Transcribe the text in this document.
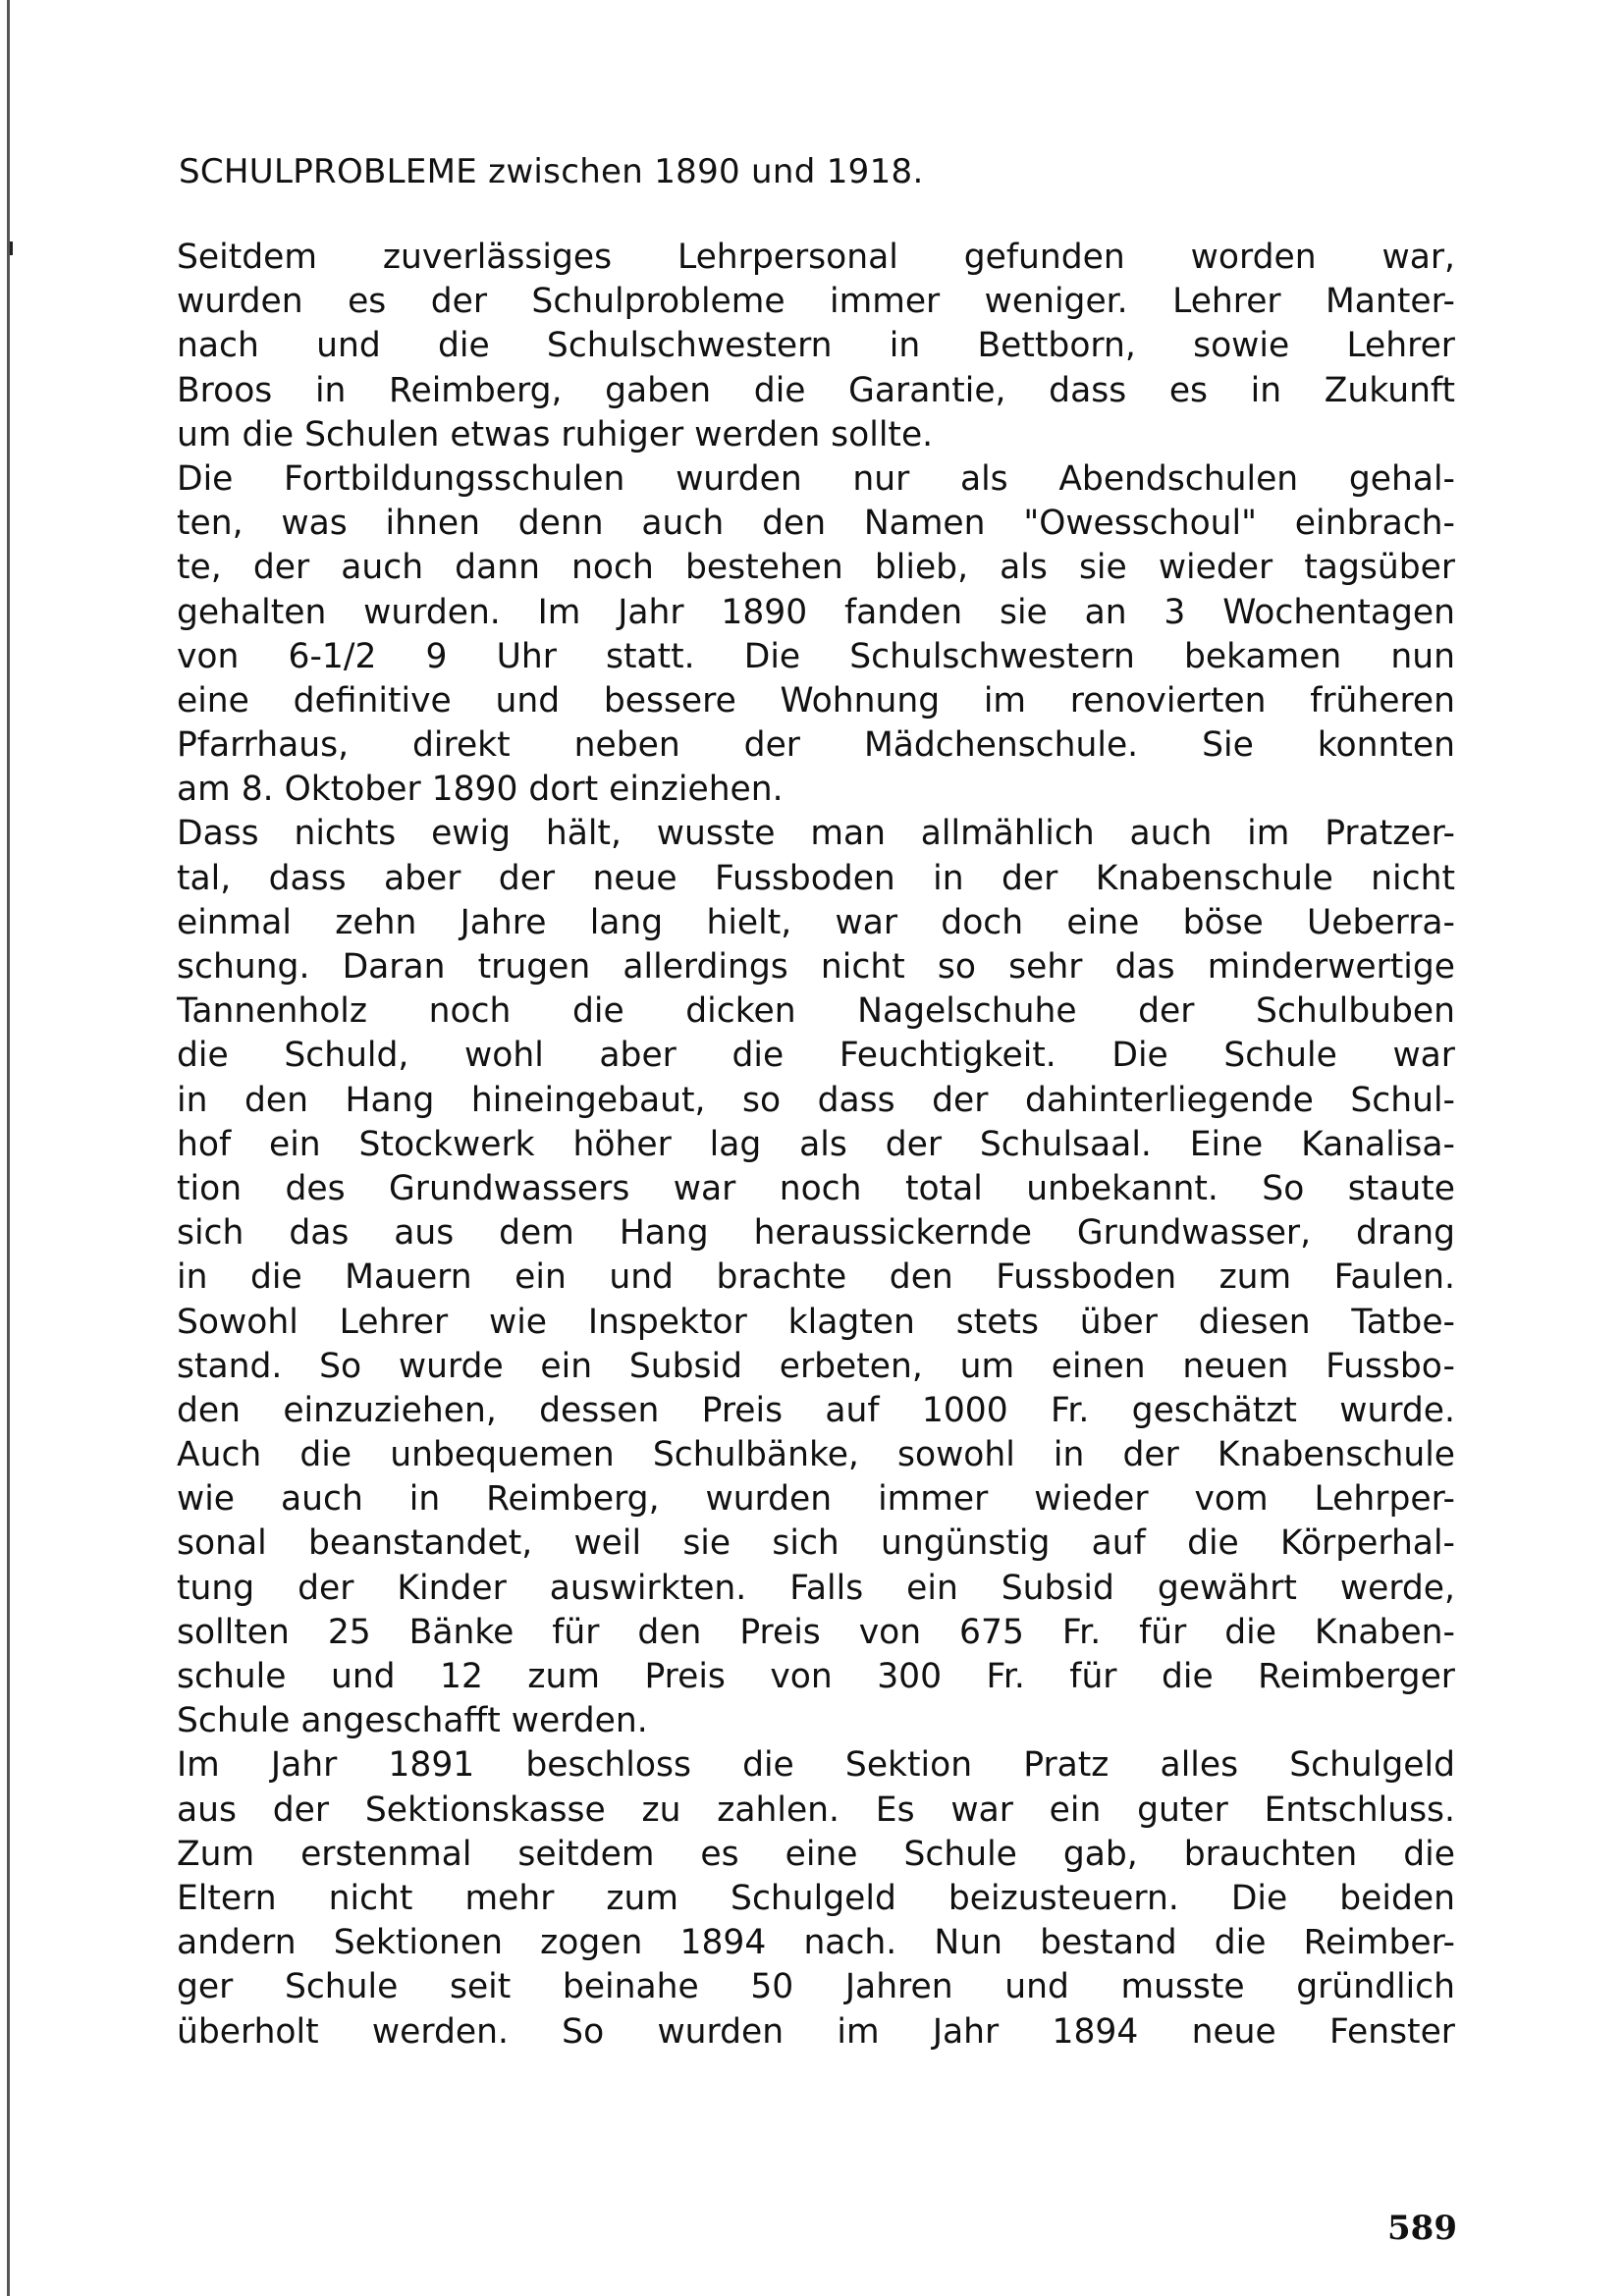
SCHULPROBLEME zwischen 1890 und 1918.
Seitdem zuverlässiges Lehrpersonal gefunden worden war,
wurden es der Schulprobleme immer weniger. Lehrer Manter-
nach und die Schulschwestern in Bettborn, sowie Lehrer
Broos in Reimberg, gaben die Garantie, dass es in Zukunft
um die Schulen etwas ruhiger werden sollte.
Die Fortbildungsschulen wurden nur als Abendschulen gehal-
ten, was ihnen denn auch den Namen "Owesschoul" einbrach-
te, der auch dann noch bestehen blieb, als sie wieder tagsüber
gehalten wurden. Im Jahr 1890 fanden sie an 3 Wochentagen
von 6-1/2 9 Uhr statt. Die Schulschwestern bekamen nun
eine definitive und bessere Wohnung im renovierten früheren
Pfarrhaus, direkt neben der Mädchenschule. Sie konnten
am 8. Oktober 1890 dort einziehen.
Dass nichts ewig hält, wusste man allmählich auch im Pratzer-
tal, dass aber der neue Fussboden in der Knabenschule nicht
einmal zehn Jahre lang hielt, war doch eine böse Ueberra-
schung. Daran trugen allerdings nicht so sehr das minderwertige
Tannenholz noch die dicken Nagelschuhe der Schulbuben
die Schuld, wohl aber die Feuchtigkeit. Die Schule war
in den Hang hineingebaut, so dass der dahinterliegende Schul-
hof ein Stockwerk höher lag als der Schulsaal. Eine Kanalisa-
tion des Grundwassers war noch total unbekannt. So staute
sich das aus dem Hang heraussickernde Grundwasser, drang
in die Mauern ein und brachte den Fussboden zum Faulen.
Sowohl Lehrer wie Inspektor klagten stets über diesen Tatbe-
stand. So wurde ein Subsid erbeten, um einen neuen Fussbo-
den einzuziehen, dessen Preis auf 1000 Fr. geschätzt wurde.
Auch die unbequemen Schulbänke, sowohl in der Knabenschule
wie auch in Reimberg, wurden immer wieder vom Lehrper-
sonal beanstandet, weil sie sich ungünstig auf die Körperhal-
tung der Kinder auswirkten. Falls ein Subsid gewährt werde,
sollten 25 Bänke für den Preis von 675 Fr. für die Knaben-
schule und 12 zum Preis von 300 Fr. für die Reimberger
Schule angeschafft werden.
Im Jahr 1891 beschloss die Sektion Pratz alles Schulgeld
aus der Sektionskasse zu zahlen. Es war ein guter Entschluss.
Zum erstenmal seitdem es eine Schule gab, brauchten die
Eltern nicht mehr zum Schulgeld beizusteuern. Die beiden
andern Sektionen zogen 1894 nach. Nun bestand die Reimber-
ger Schule seit beinahe 50 Jahren und musste gründlich
überholt werden. So wurden im Jahr 1894 neue Fenster
589
